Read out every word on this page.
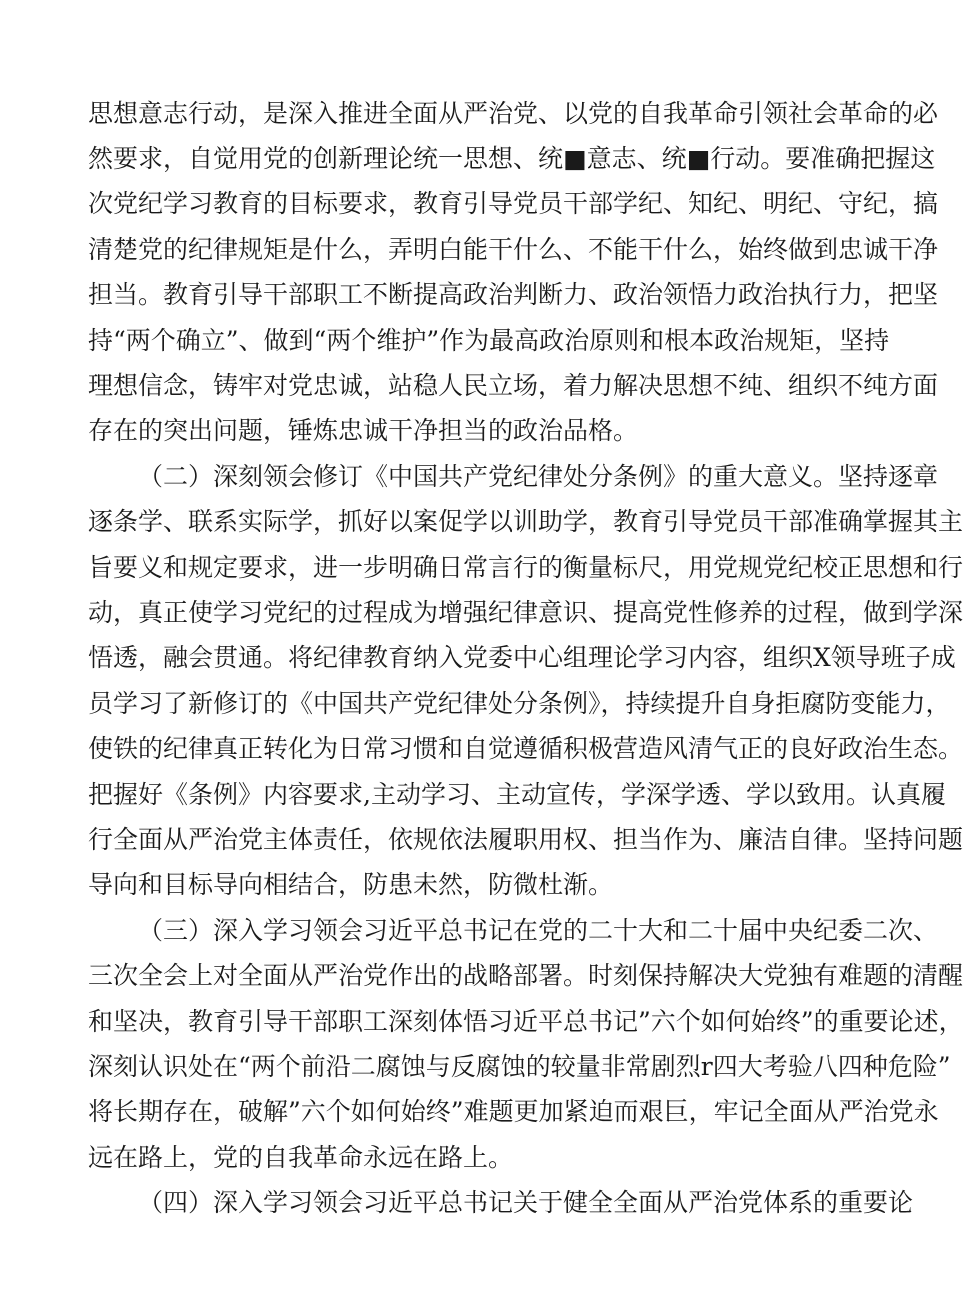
思想意志行动，是深入推进全面从严治党、以党的自我革命引领社会革命的必
然要求，自觉用党的创新理论统一思想、统■意志、统■行动。要准确把握这
次党纪学习教育的目标要求，教育引导党员干部学纪、知纪、明纪、守纪，搞
清楚党的纪律规矩是什么，弄明白能干什么、不能干什么，始终做到忠诚干净
担当。教育引导干部职工不断提高政治判断力、政治领悟力政治执行力，把坚
持“两个确立”、做到“两个维护”作为最高政治原则和根本政治规矩，坚持
理想信念，铸牢对党忠诚，站稳人民立场，着力解决思想不纯、组织不纯方面
存在的突出问题，锤炼忠诚干净担当的政治品格。
（二）深刻领会修订《中国共产党纪律处分条例》的重大意义。坚持逐章
逐条学、联系实际学，抓好以案促学以训助学，教育引导党员干部准确掌握其主
旨要义和规定要求，进一步明确日常言行的衡量标尺，用党规党纪校正思想和行
动，真正使学习党纪的过程成为增强纪律意识、提高党性修养的过程，做到学深
悟透，融会贯通。将纪律教育纳入党委中心组理论学习内容，组织X领导班子成
员学习了新修订的《中国共产党纪律处分条例》，持续提升自身拒腐防变能力，
使铁的纪律真正转化为日常习惯和自觉遵循积极营造风清气正的良好政治生态。
把握好《条例》内容要求,主动学习、主动宣传，学深学透、学以致用。认真履
行全面从严治党主体责任，依规依法履职用权、担当作为、廉洁自律。坚持问题
导向和目标导向相结合，防患未然，防微杜渐。
（三）深入学习领会习近平总书记在党的二十大和二十届中央纪委二次、
三次全会上对全面从严治党作出的战略部署。时刻保持解决大党独有难题的清醒
和坚决，教育引导干部职工深刻体悟习近平总书记”六个如何始终”的重要论述，
深刻认识处在“两个前沿二腐蚀与反腐蚀的较量非常剧烈r四大考验八四种危险”
将长期存在，破解”六个如何始终”难题更加紧迫而艰巨，牢记全面从严治党永
远在路上，党的自我革命永远在路上。
（四）深入学习领会习近平总书记关于健全全面从严治党体系的重要论
